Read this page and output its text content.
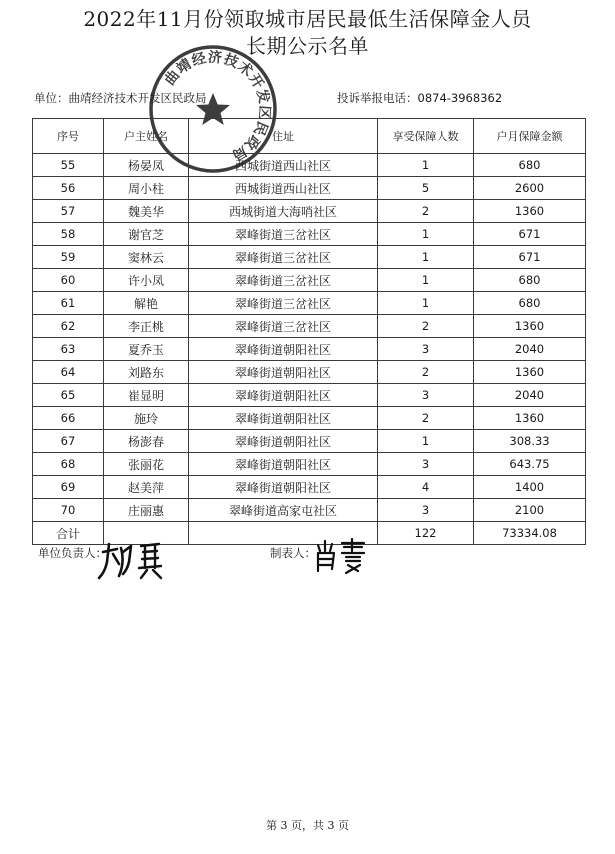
2022年11月份领取城市居民最低生活保障金人员
长期公示名单
单位：曲靖经济技术开发区民政局	投诉举报电话：0874-3968362
曲靖经济技术开发区民政局
序号	户主姓名	住址	享受保障人数	户月保障金额
55	杨晏凤	西城街道西山社区	1	680
56	周小柱	西城街道西山社区	5	2600
57	魏美华	西城街道大海哨社区	2	1360
58	谢官芝	翠峰街道三岔社区	1	671
59	窦林云	翠峰街道三岔社区	1	671
60	许小凤	翠峰街道三岔社区	1	680
61	解艳	翠峰街道三岔社区	1	680
62	李正桃	翠峰街道三岔社区	2	1360
63	夏乔玉	翠峰街道朝阳社区	3	2040
64	刘路东	翠峰街道朝阳社区	2	1360
65	崔显明	翠峰街道朝阳社区	3	2040
66	施玲	翠峰街道朝阳社区	2	1360
67	杨澎春	翠峰街道朝阳社区	1	308.33
68	张丽花	翠峰街道朝阳社区	3	643.75
69	赵美萍	翠峰街道朝阳社区	4	1400
70	庄丽惠	翠峰街道高家屯社区	3	2100
合计			122	73334.08
单位负责人：	制表人：
第 3 页，共 3 页
